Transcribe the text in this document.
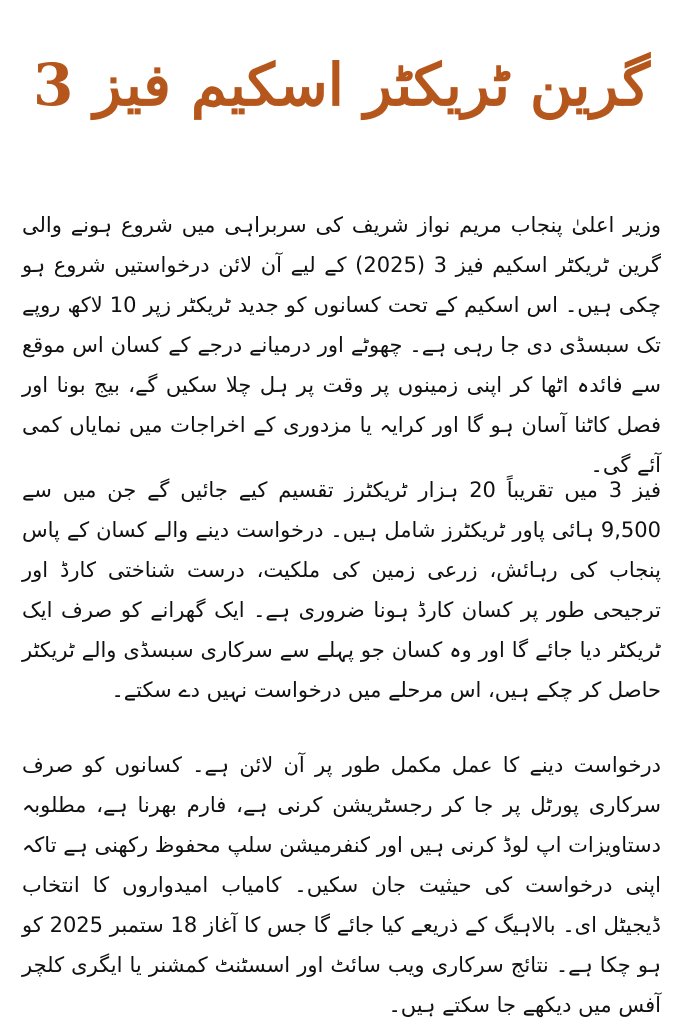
گرین ٹریکٹر اسکیم فیز 3

وزیر اعلیٰ پنجاب مریم نواز شریف کی سربراہی میں شروع ہونے والی گرین ٹریکٹر اسکیم فیز 3 (2025) کے لیے آن لائن درخواستیں شروع ہو چکی ہیں۔ اس اسکیم کے تحت کسانوں کو جدید ٹریکٹر زپر 10 لاکھ روپے تک سبسڈی دی جا رہی ہے۔ چھوٹے اور درمیانے درجے کے کسان اس موقع سے فائدہ اٹھا کر اپنی زمینوں پر وقت پر ہل چلا سکیں گے، بیج بونا اور فصل کاٹنا آسان ہو گا اور کرایہ یا مزدوری کے اخراجات میں نمایاں کمی آئے گی۔

فیز 3 میں تقریباً 20 ہزار ٹریکٹرز تقسیم کیے جائیں گے جن میں سے 9,500 ہائی پاور ٹریکٹرز شامل ہیں۔ درخواست دینے والے کسان کے پاس پنجاب کی رہائش، زرعی زمین کی ملکیت، درست شناختی کارڈ اور ترجیحی طور پر کسان کارڈ ہونا ضروری ہے۔ ایک گھرانے کو صرف ایک ٹریکٹر دیا جائے گا اور وہ کسان جو پہلے سے سرکاری سبسڈی والے ٹریکٹر حاصل کر چکے ہیں، اس مرحلے میں درخواست نہیں دے سکتے۔

درخواست دینے کا عمل مکمل طور پر آن لائن ہے۔ کسانوں کو صرف سرکاری پورٹل پر جا کر رجسٹریشن کرنی ہے، فارم بھرنا ہے، مطلوبہ دستاویزات اپ لوڈ کرنی ہیں اور کنفرمیشن سلپ محفوظ رکھنی ہے تاکہ اپنی درخواست کی حیثیت جان سکیں۔ کامیاب امیدواروں کا انتخاب ڈیجیٹل ای۔ بالاہیگ کے ذریعے کیا جائے گا جس کا آغاز 18 ستمبر 2025 کو ہو چکا ہے۔ نتائج سرکاری ویب سائٹ اور اسسٹنٹ کمشنر یا ایگری کلچر آفس میں دیکھے جا سکتے ہیں۔
